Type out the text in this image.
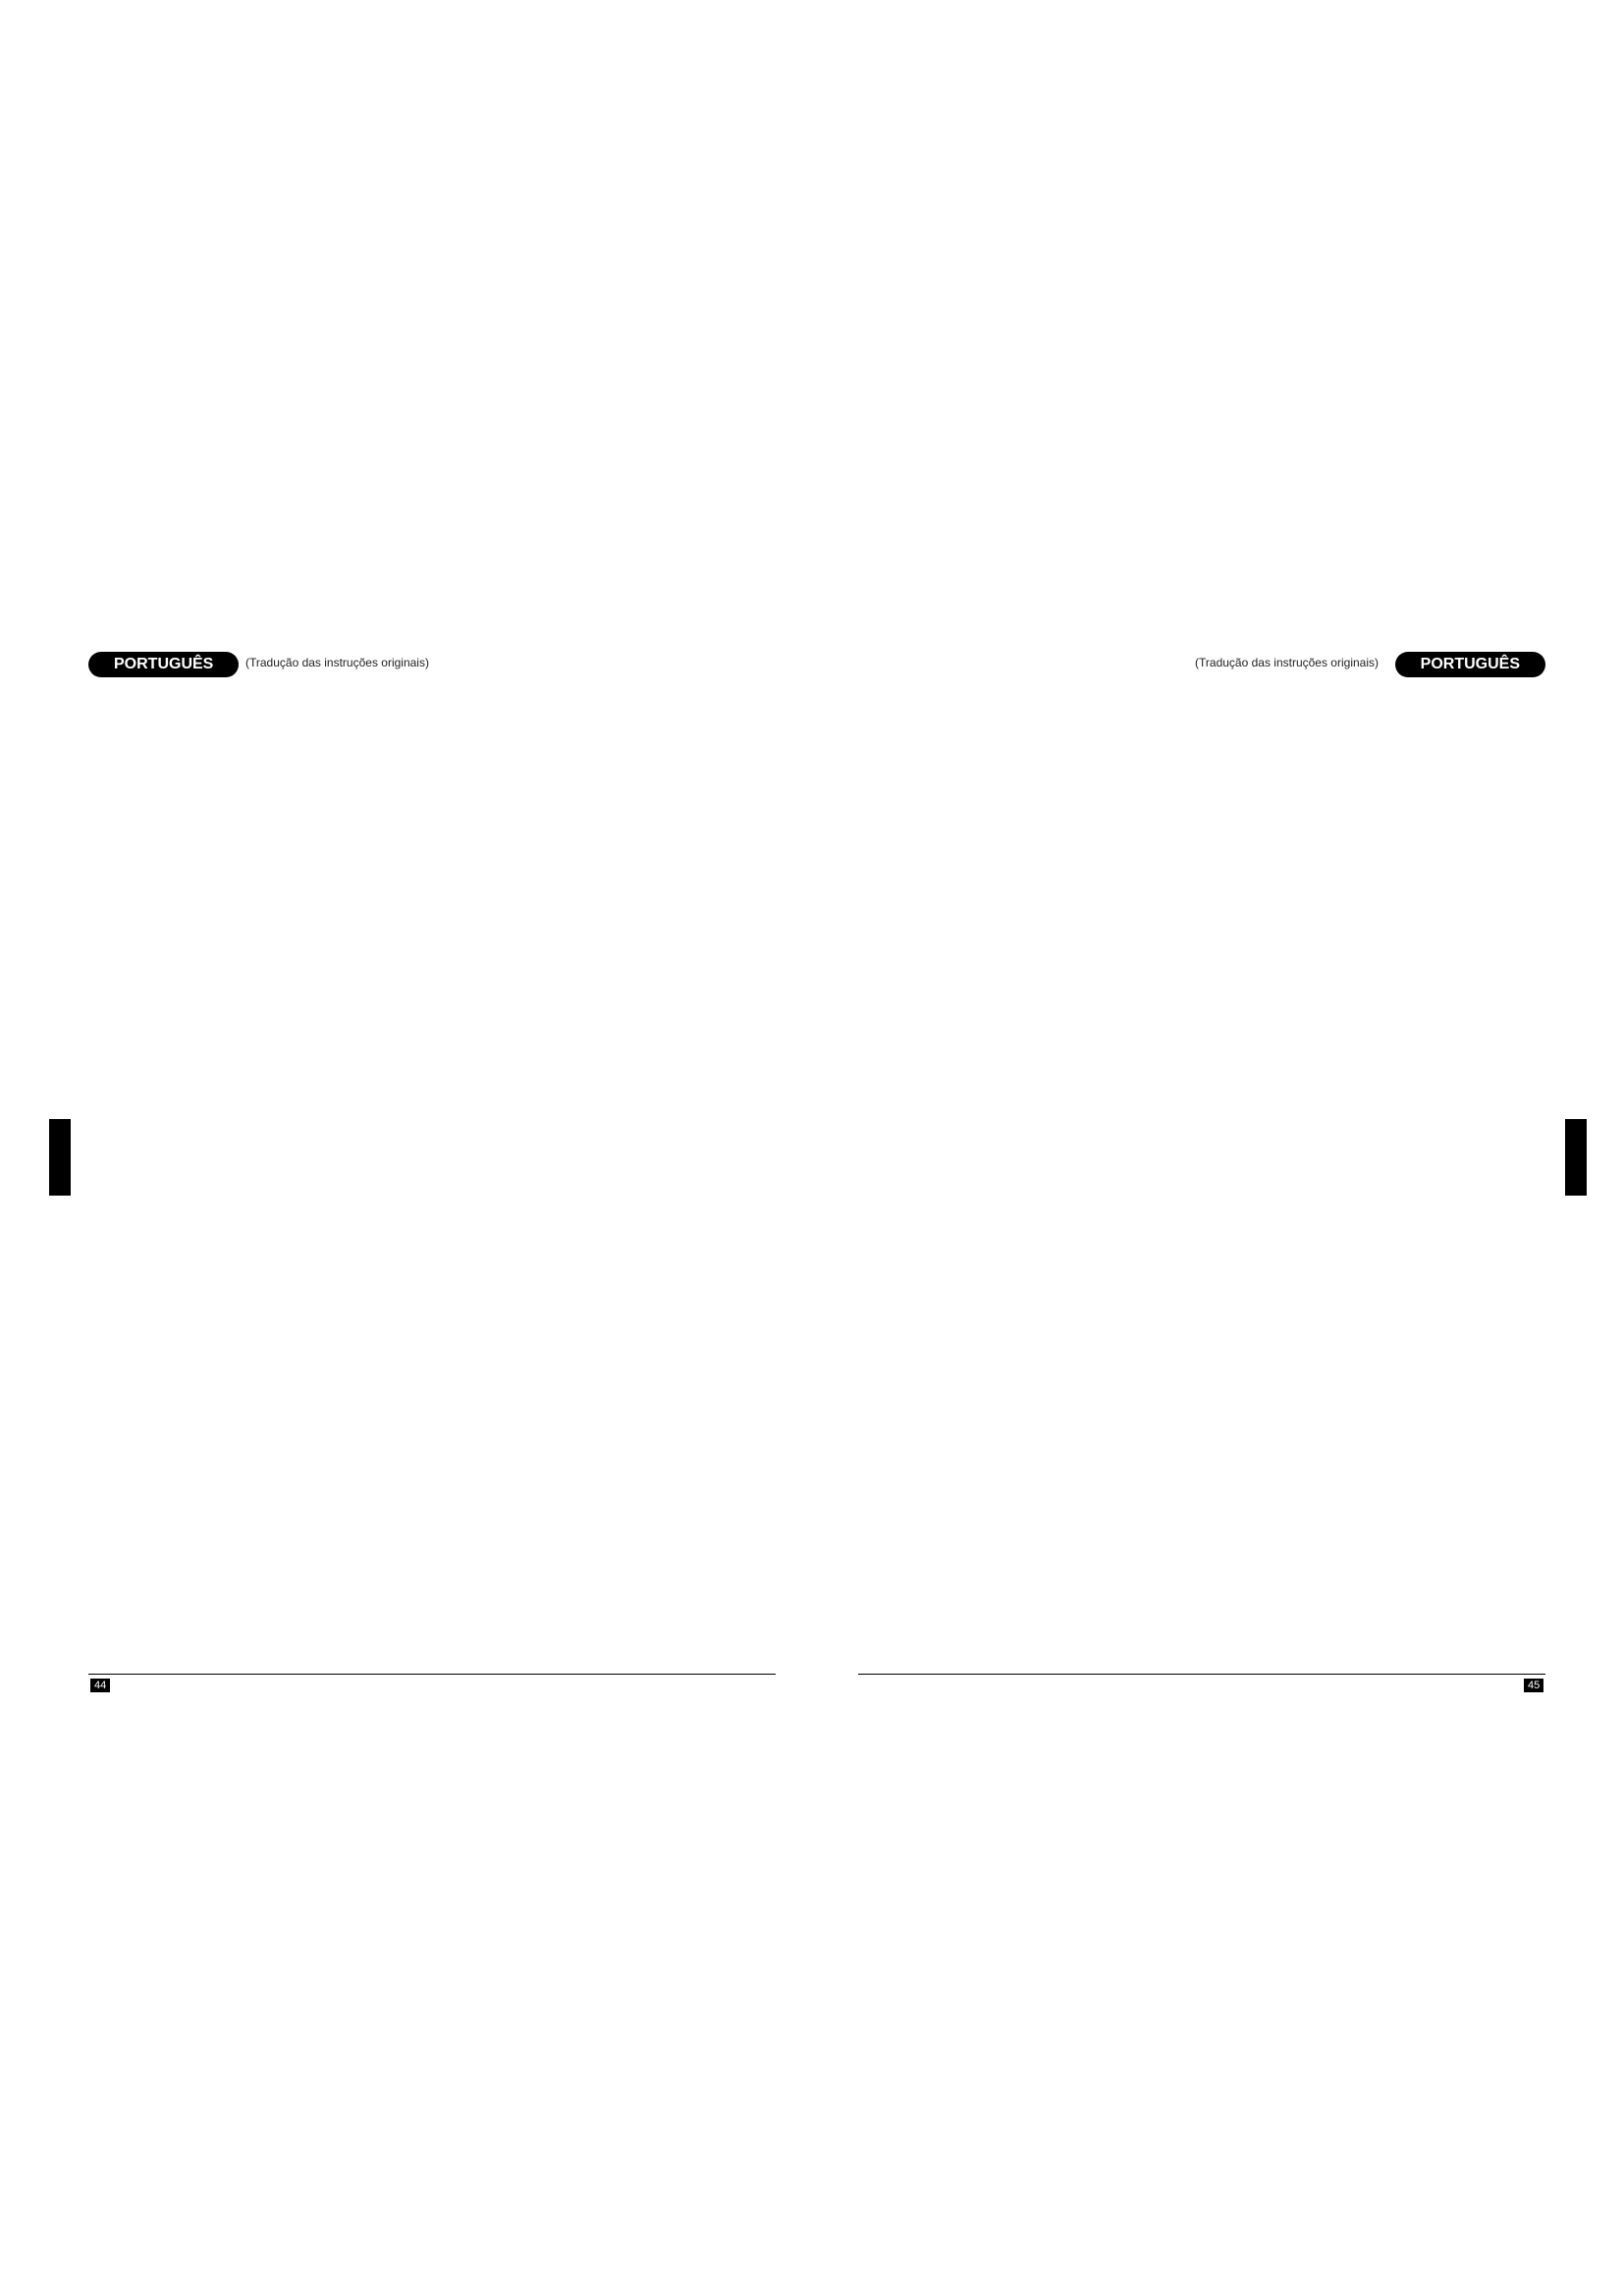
PORTUGUÊS	(Tradução das instruções originais)	PORTUGUÊS
(Tradução das instruções originais)
44	45
